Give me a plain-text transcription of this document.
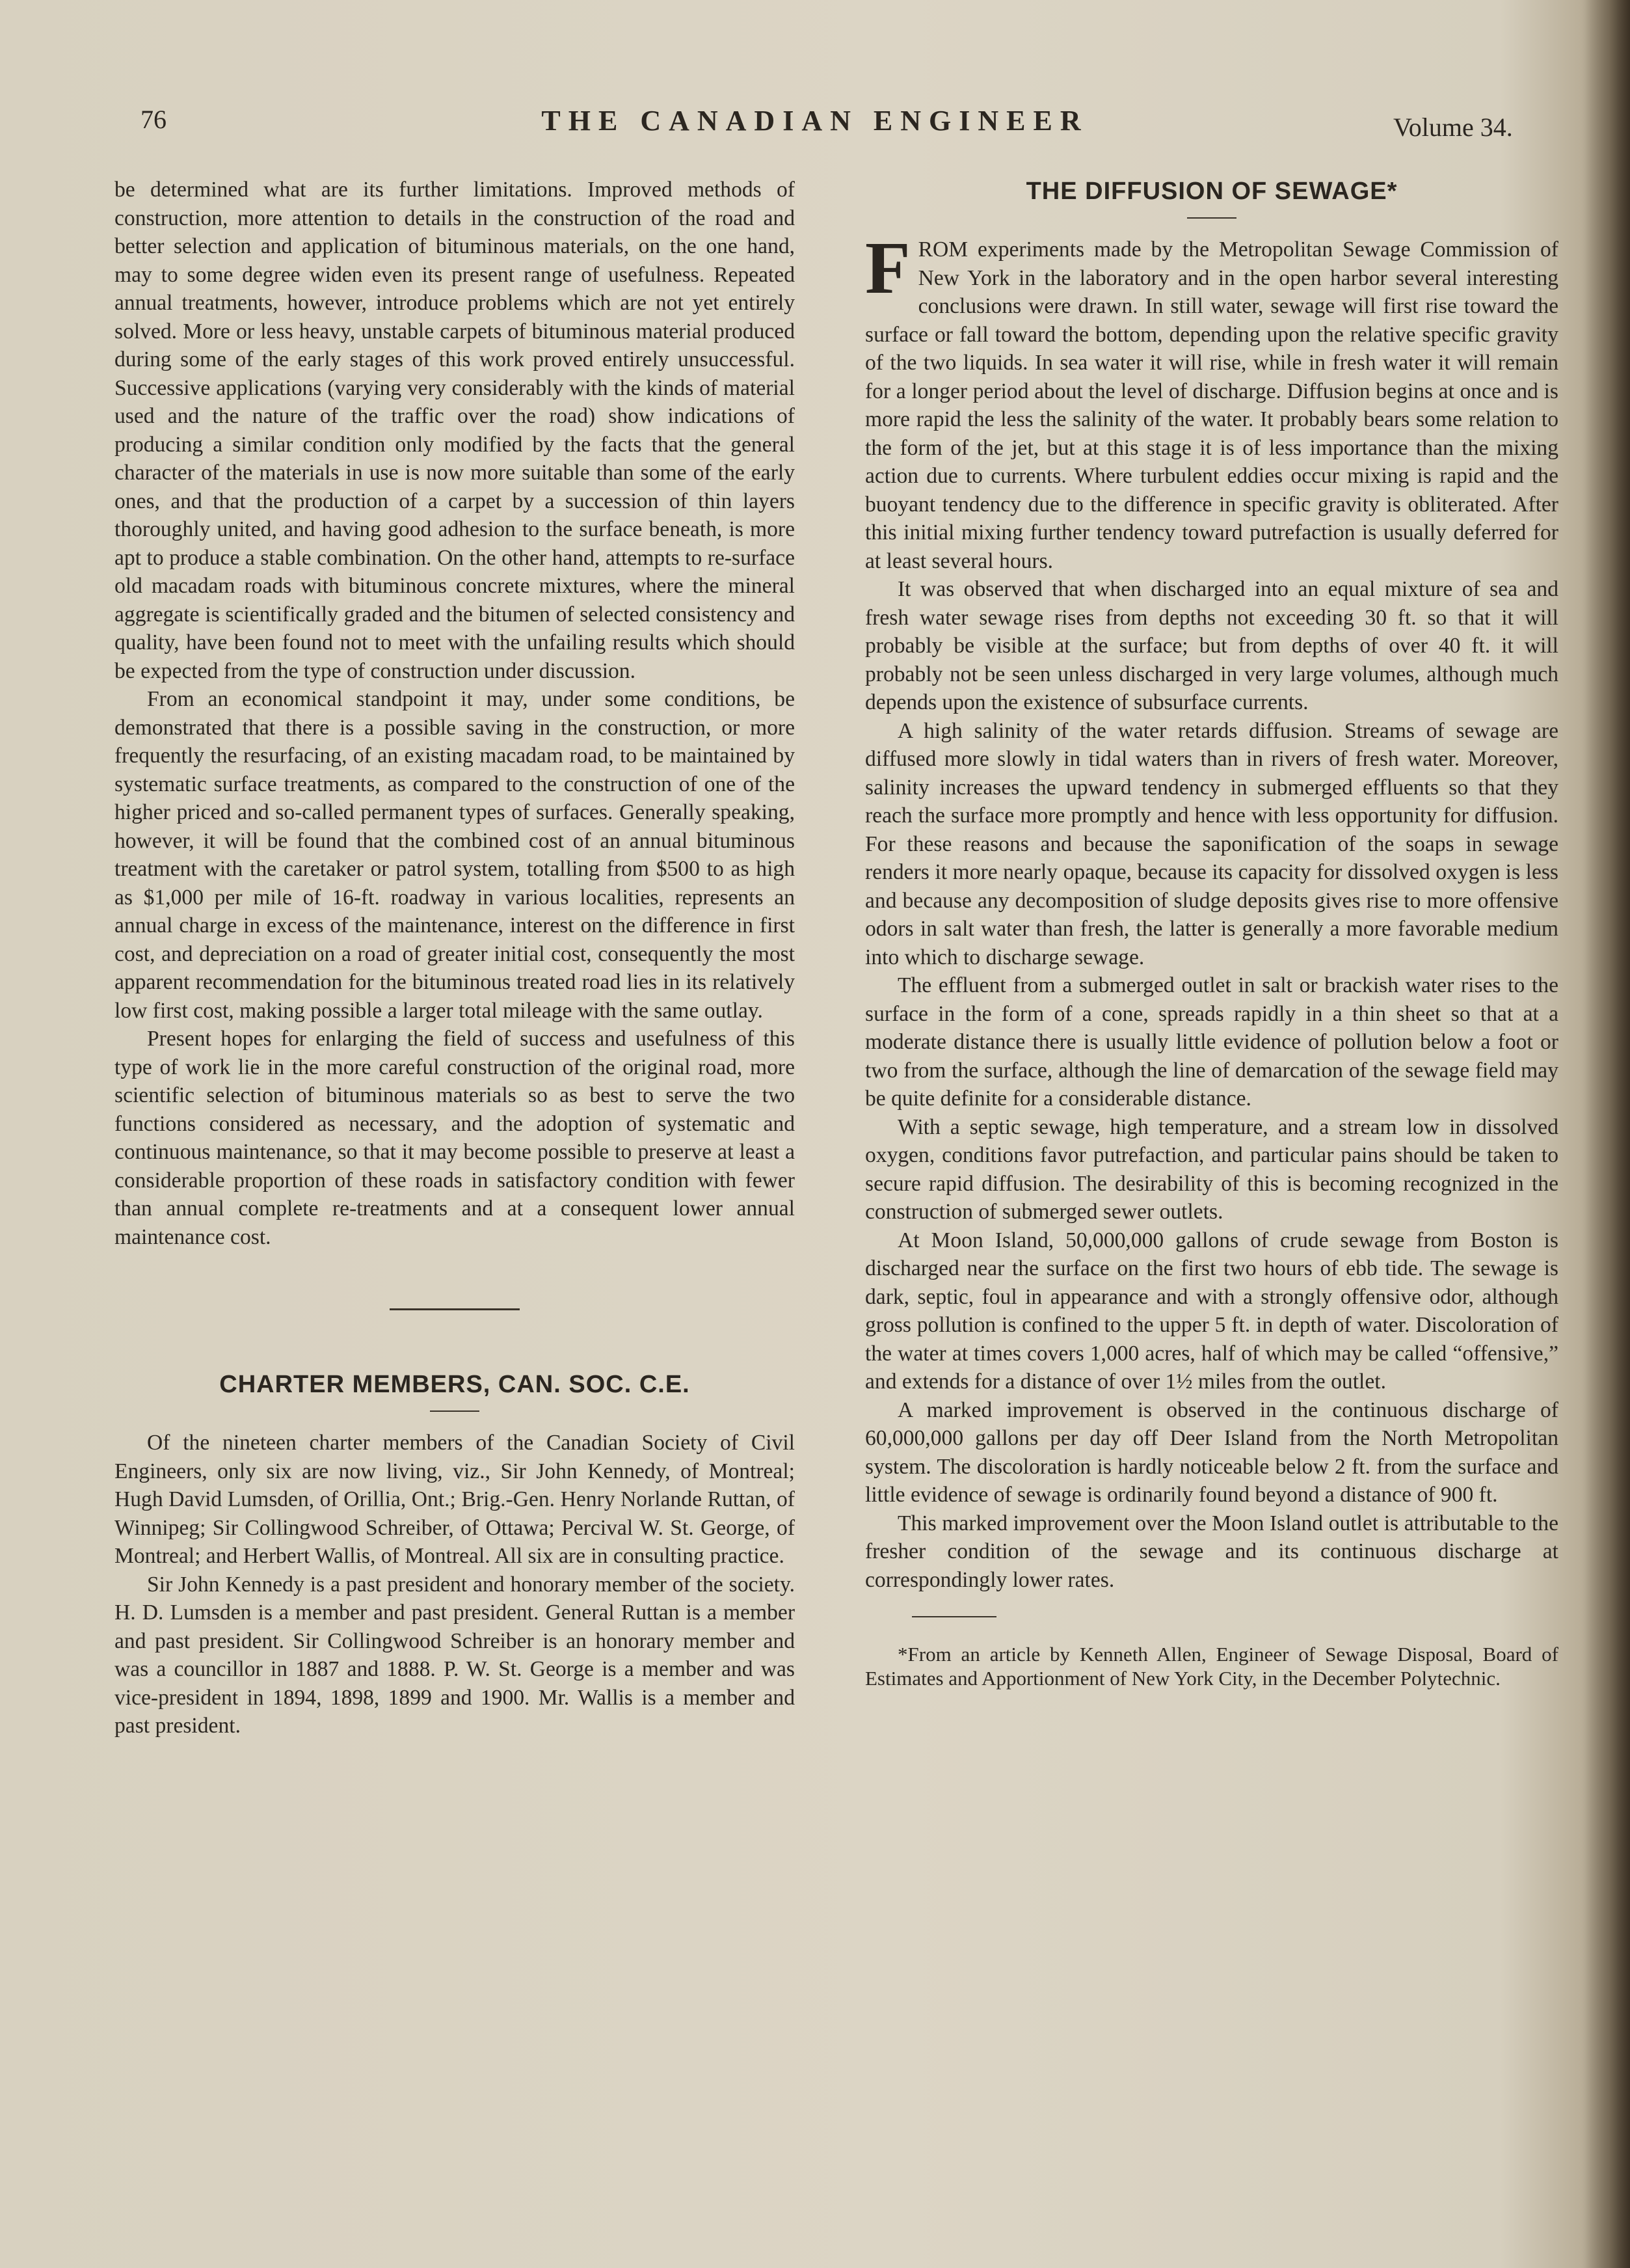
76	THE CANADIAN ENGINEER	Volume 34.

be determined what are its further limitations. Improved methods of construction, more attention to details in the construction of the road and better selection and application of bituminous materials, on the one hand, may to some degree widen even its present range of usefulness. Repeated annual treatments, however, introduce problems which are not yet entirely solved. More or less heavy, unstable carpets of bituminous material produced during some of the early stages of this work proved entirely unsuccessful. Successive applications (varying very considerably with the kinds of material used and the nature of the traffic over the road) show indications of producing a similar condition only modified by the facts that the general character of the materials in use is now more suitable than some of the early ones, and that the production of a carpet by a succession of thin layers thoroughly united, and having good adhesion to the surface beneath, is more apt to produce a stable combination. On the other hand, attempts to re-surface old macadam roads with bituminous concrete mixtures, where the mineral aggregate is scientifically graded and the bitumen of selected consistency and quality, have been found not to meet with the unfailing results which should be expected from the type of construction under discussion.

From an economical standpoint it may, under some conditions, be demonstrated that there is a possible saving in the construction, or more frequently the resurfacing, of an existing macadam road, to be maintained by systematic surface treatments, as compared to the construction of one of the higher priced and so-called permanent types of surfaces. Generally speaking, however, it will be found that the combined cost of an annual bituminous treatment with the caretaker or patrol system, totalling from $500 to as high as $1,000 per mile of 16-ft. roadway in various localities, represents an annual charge in excess of the maintenance, interest on the difference in first cost, and depreciation on a road of greater initial cost, consequently the most apparent recommendation for the bituminous treated road lies in its relatively low first cost, making possible a larger total mileage with the same outlay.

Present hopes for enlarging the field of success and usefulness of this type of work lie in the more careful construction of the original road, more scientific selection of bituminous materials so as best to serve the two functions considered as necessary, and the adoption of systematic and continuous maintenance, so that it may become possible to preserve at least a considerable proportion of these roads in satisfactory condition with fewer than annual complete re-treatments and at a consequent lower annual maintenance cost.

CHARTER MEMBERS, CAN. SOC. C.E.

Of the nineteen charter members of the Canadian Society of Civil Engineers, only six are now living, viz., Sir John Kennedy, of Montreal; Hugh David Lumsden, of Orillia, Ont.; Brig.-Gen. Henry Norlande Ruttan, of Winnipeg; Sir Collingwood Schreiber, of Ottawa; Percival W. St. George, of Montreal; and Herbert Wallis, of Montreal. All six are in consulting practice.

Sir John Kennedy is a past president and honorary member of the society. H. D. Lumsden is a member and past president. General Ruttan is a member and past president. Sir Collingwood Schreiber is an honorary member and was a councillor in 1887 and 1888. P. W. St. George is a member and was vice-president in 1894, 1898, 1899 and 1900. Mr. Wallis is a member and past president.

THE DIFFUSION OF SEWAGE*

FROM experiments made by the Metropolitan Sewage Commission of New York in the laboratory and in the open harbor several interesting conclusions were drawn. In still water, sewage will first rise toward the surface or fall toward the bottom, depending upon the relative specific gravity of the two liquids. In sea water it will rise, while in fresh water it will remain for a longer period about the level of discharge. Diffusion begins at once and is more rapid the less the salinity of the water. It probably bears some relation to the form of the jet, but at this stage it is of less importance than the mixing action due to currents. Where turbulent eddies occur mixing is rapid and the buoyant tendency due to the difference in specific gravity is obliterated. After this initial mixing further tendency toward putrefaction is usually deferred for at least several hours.

It was observed that when discharged into an equal mixture of sea and fresh water sewage rises from depths not exceeding 30 ft. so that it will probably be visible at the surface; but from depths of over 40 ft. it will probably not be seen unless discharged in very large volumes, although much depends upon the existence of subsurface currents.

A high salinity of the water retards diffusion. Streams of sewage are diffused more slowly in tidal waters than in rivers of fresh water. Moreover, salinity increases the upward tendency in submerged effluents so that they reach the surface more promptly and hence with less opportunity for diffusion. For these reasons and because the saponification of the soaps in sewage renders it more nearly opaque, because its capacity for dissolved oxygen is less and because any decomposition of sludge deposits gives rise to more offensive odors in salt water than fresh, the latter is generally a more favorable medium into which to discharge sewage.

The effluent from a submerged outlet in salt or brackish water rises to the surface in the form of a cone, spreads rapidly in a thin sheet so that at a moderate distance there is usually little evidence of pollution below a foot or two from the surface, although the line of demarcation of the sewage field may be quite definite for a considerable distance.

With a septic sewage, high temperature, and a stream low in dissolved oxygen, conditions favor putrefaction, and particular pains should be taken to secure rapid diffusion. The desirability of this is becoming recognized in the construction of submerged sewer outlets.

At Moon Island, 50,000,000 gallons of crude sewage from Boston is discharged near the surface on the first two hours of ebb tide. The sewage is dark, septic, foul in appearance and with a strongly offensive odor, although gross pollution is confined to the upper 5 ft. in depth of water. Discoloration of the water at times covers 1,000 acres, half of which may be called “offensive,” and extends for a distance of over 1½ miles from the outlet.

A marked improvement is observed in the continuous discharge of 60,000,000 gallons per day off Deer Island from the North Metropolitan system. The discoloration is hardly noticeable below 2 ft. from the surface and little evidence of sewage is ordinarily found beyond a distance of 900 ft.

This marked improvement over the Moon Island outlet is attributable to the fresher condition of the sewage and its continuous discharge at correspondingly lower rates.

*From an article by Kenneth Allen, Engineer of Sewage Disposal, Board of Estimates and Apportionment of New York City, in the December Polytechnic.
